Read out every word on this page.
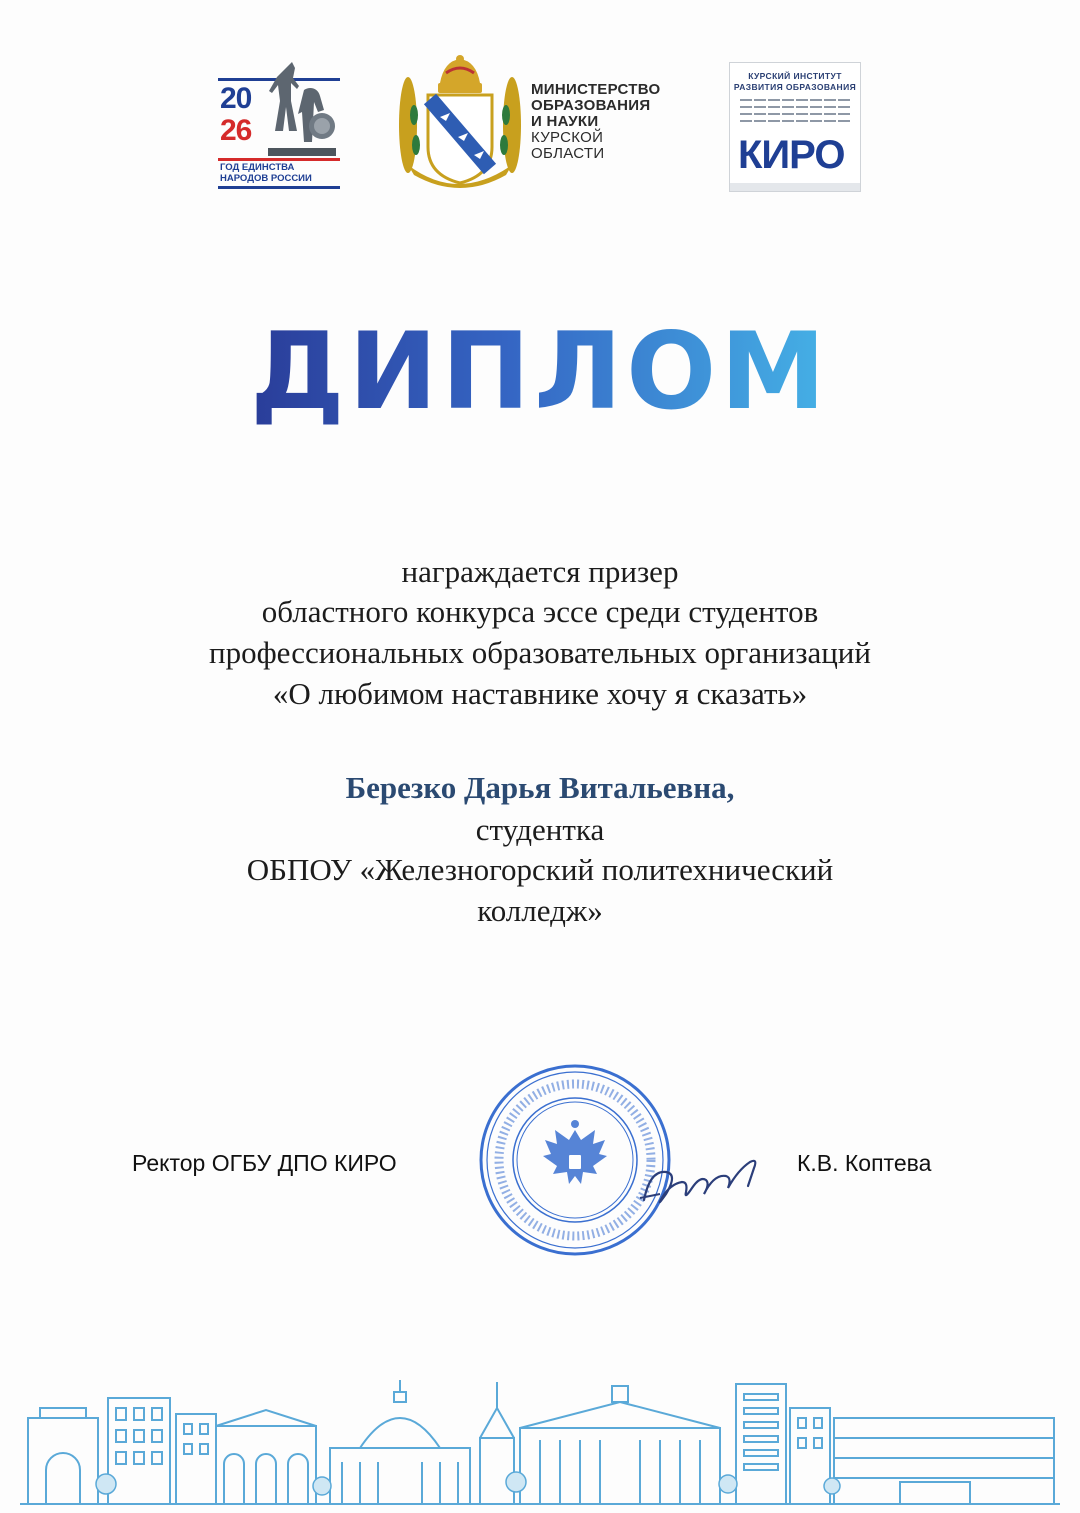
20
26
ГОД ЕДИНСТВА
НАРОДОВ РОССИИ
МИНИСТЕРСТВО
ОБРАЗОВАНИЯ
И НАУКИ
КУРСКОЙ
ОБЛАСТИ
КУРСКИЙ ИНСТИТУТ
РАЗВИТИЯ ОБРАЗОВАНИЯ
КИРО
ДИПЛОМ
награждается призер
областного конкурса эссе среди студентов
профессиональных образовательных организаций
«О любимом наставнике хочу я сказать»
Березко Дарья Витальевна,
студентка
ОБПОУ «Железногорский политехнический
колледж»
Ректор ОГБУ ДПО КИРО	К.В. Коптева
